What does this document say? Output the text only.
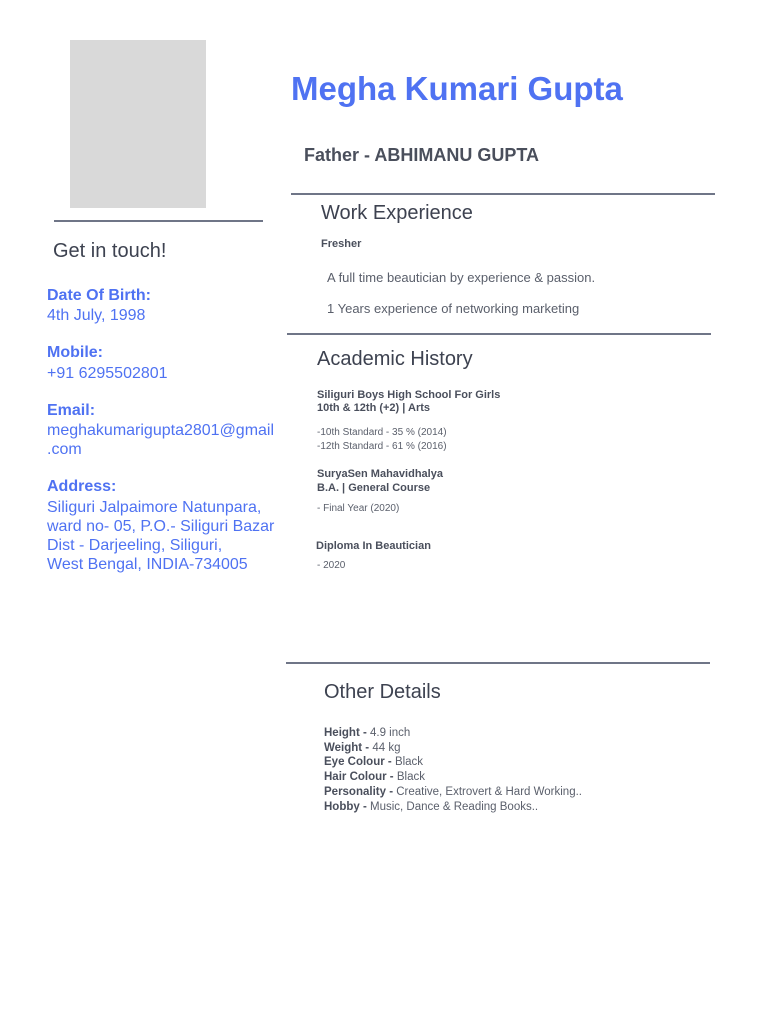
Megha Kumari Gupta
Father - ABHIMANU GUPTA
Get in touch!
Date Of Birth:
4th July, 1998
Mobile:
+91 6295502801
Email:
meghakumarigupta2801@gmail
.com
Address:
Siliguri Jalpaimore Natunpara,
ward no- 05, P.O.- Siliguri Bazar
Dist - Darjeeling, Siliguri,
West Bengal, INDIA-734005
Work Experience
Fresher
A full time beautician by experience & passion.
1 Years experience of networking marketing
Academic History
Siliguri Boys High School For Girls
10th & 12th (+2) | Arts
-10th Standard - 35 % (2014)
-12th Standard - 61 % (2016)
SuryaSen Mahavidhalya
B.A. | General Course
- Final Year (2020)
Diploma In Beautician
- 2020
Other Details
Height - 4.9 inch
Weight - 44 kg
Eye Colour - Black
Hair Colour - Black
Personality - Creative, Extrovert & Hard Working..
Hobby - Music, Dance & Reading Books..
